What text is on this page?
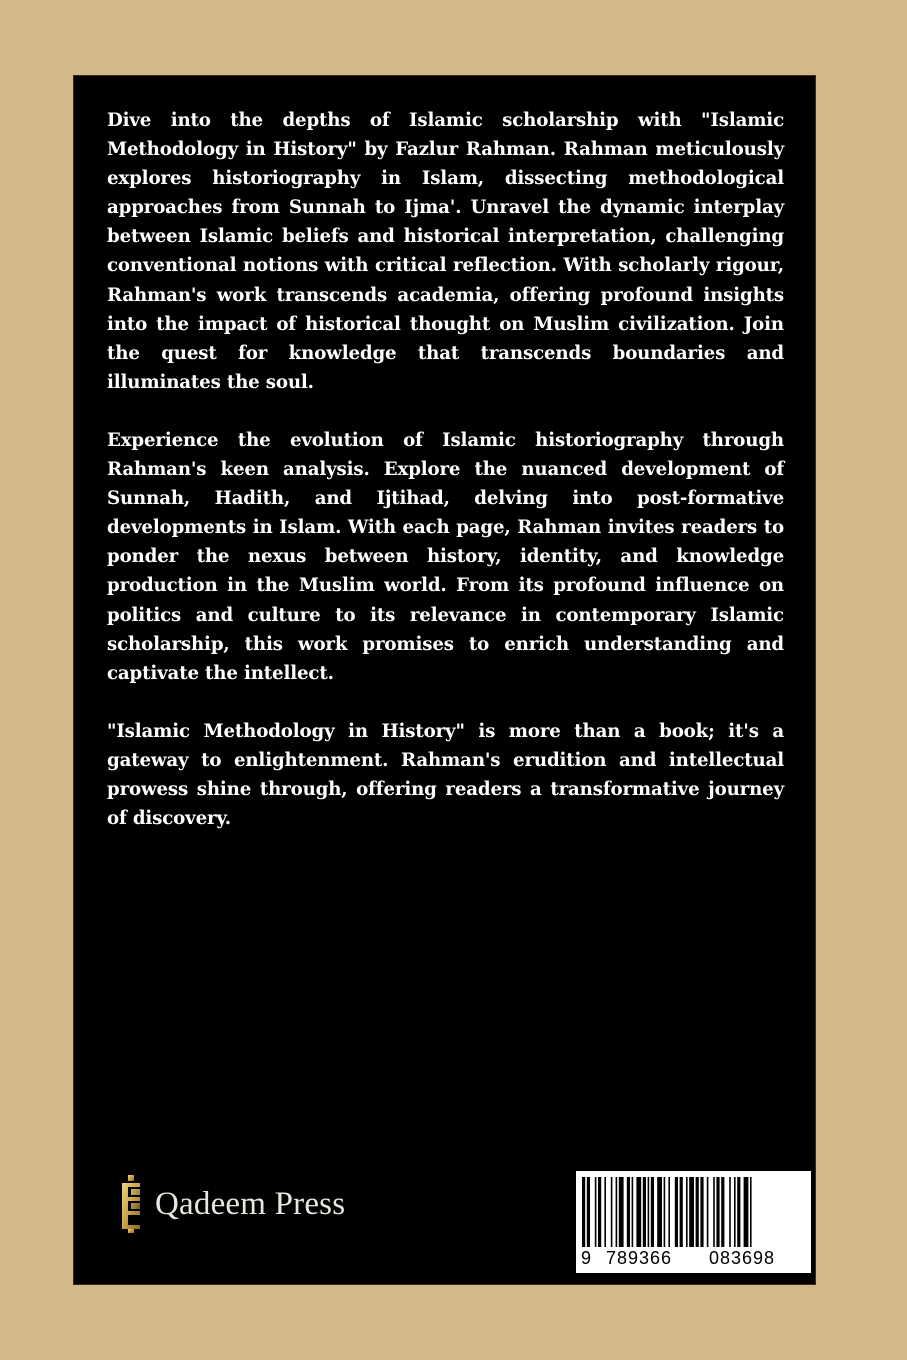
Dive into the depths of Islamic scholarship with "Islamic Methodology in History" by Fazlur Rahman. Rahman meticulously explores historiography in Islam, dissecting methodological approaches from Sunnah to Ijma'. Unravel the dynamic interplay between Islamic beliefs and historical interpretation, challenging conventional notions with critical reflection. With scholarly rigour, Rahman's work transcends academia, offering profound insights into the impact of historical thought on Muslim civilization. Join the quest for knowledge that transcends boundaries and illuminates the soul.

Experience the evolution of Islamic historiography through Rahman's keen analysis. Explore the nuanced development of Sunnah, Hadith, and Ijtihad, delving into post-formative developments in Islam. With each page, Rahman invites readers to ponder the nexus between history, identity, and knowledge production in the Muslim world. From its profound influence on politics and culture to its relevance in contemporary Islamic scholarship, this work promises to enrich understanding and captivate the intellect.

"Islamic Methodology in History" is more than a book; it's a gateway to enlightenment. Rahman's erudition and intellectual prowess shine through, offering readers a transformative journey of discovery.

Qadeem Press
9 789366 083698
